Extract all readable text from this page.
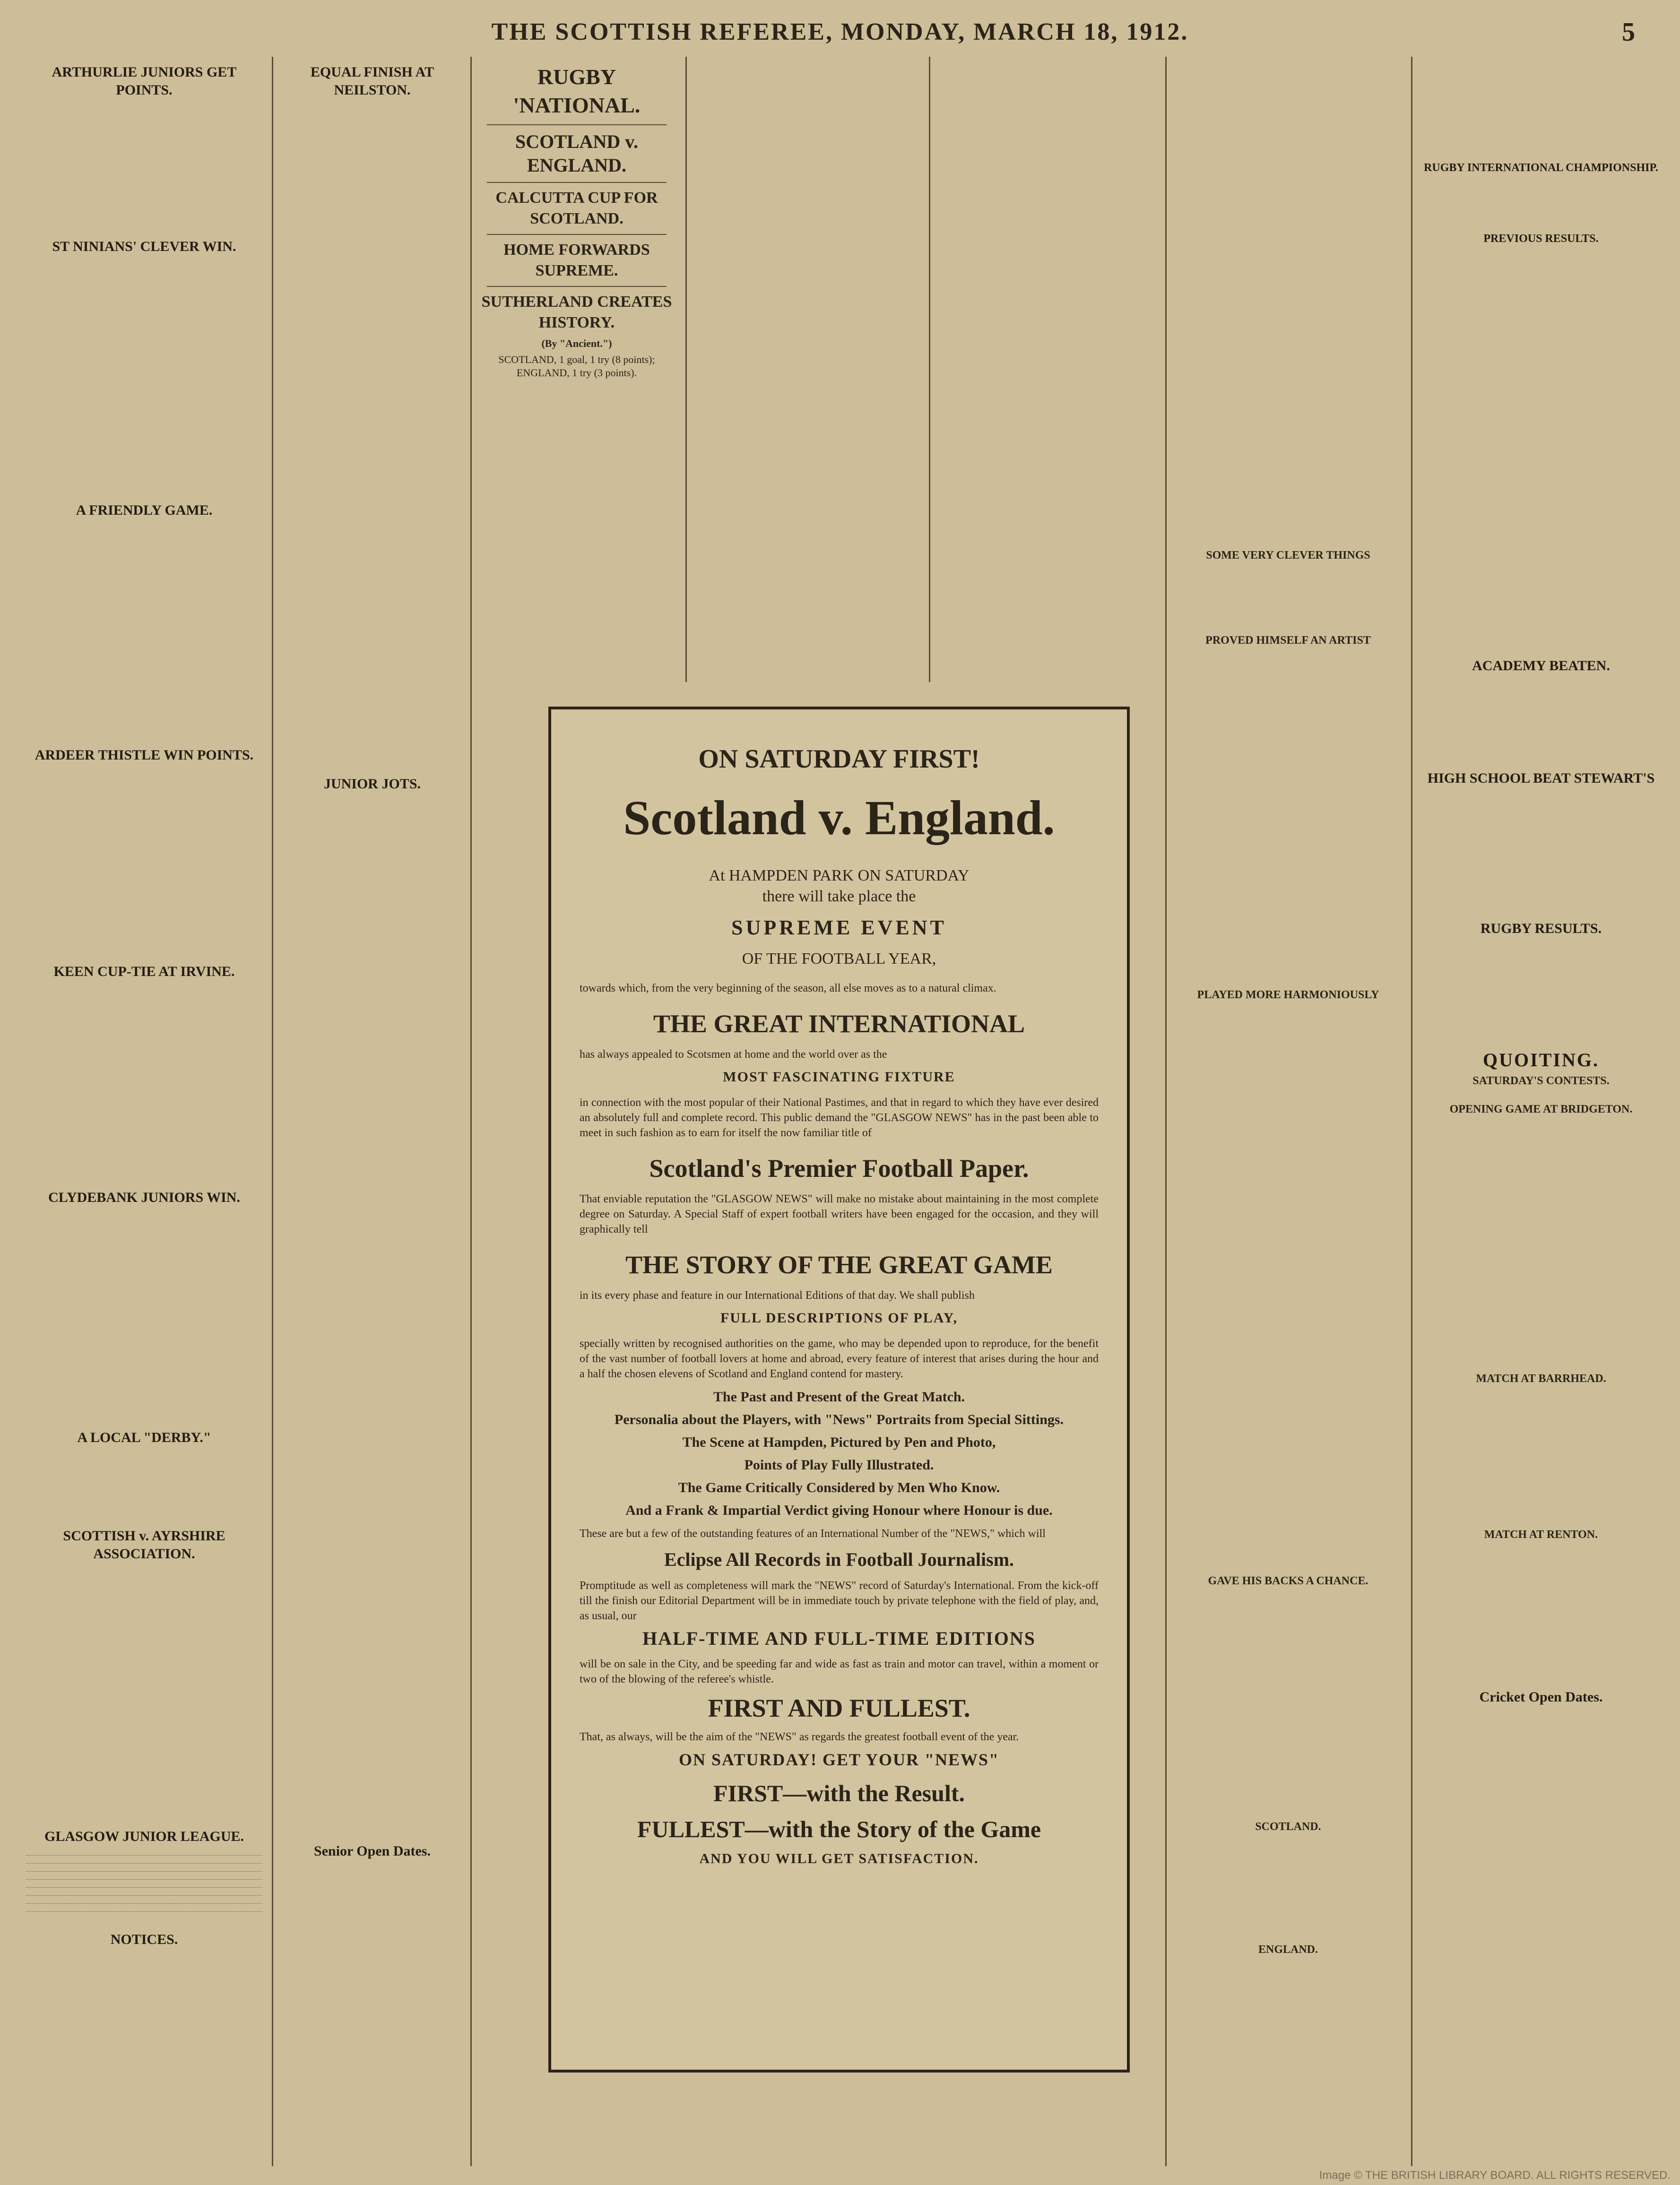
THE SCOTTISH REFEREE, MONDAY, MARCH 18, 1912.	5
ARTHURLIE JUNIORS GET POINTS.
ST NINIANS' CLEVER WIN.
A FRIENDLY GAME.
ARDEER THISTLE WIN POINTS.
KEEN CUP-TIE AT IRVINE.
CLYDEBANK JUNIORS WIN.
A LOCAL "DERBY."
SCOTTISH v. AYRSHIRE ASSOCIATION.
GLASGOW JUNIOR LEAGUE.
NOTICES.
EQUAL FINISH AT NEILSTON.
JUNIOR JOTS.
Senior Open Dates.
RUGBY 'NATIONAL.
SCOTLAND v. ENGLAND.
CALCUTTA CUP FOR SCOTLAND.
HOME FORWARDS SUPREME.
SUTHERLAND CREATES HISTORY.
(By "Ancient.")
SCOTLAND, 1 goal, 1 try (8 points); ENGLAND, 1 try (3 points).
SOME VERY CLEVER THINGS
PROVED HIMSELF AN ARTIST
PLAYED MORE HARMONIOUSLY
GAVE HIS BACKS A CHANCE.
SCOTLAND.
ENGLAND.
RUGBY INTERNATIONAL CHAMPIONSHIP.
PREVIOUS RESULTS.
ACADEMY BEATEN.
HIGH SCHOOL BEAT STEWART'S
RUGBY RESULTS.
QUOITING.
SATURDAY'S CONTESTS.
OPENING GAME AT BRIDGETON.
MATCH AT BARRHEAD.
MATCH AT RENTON.
Cricket Open Dates.
ON SATURDAY FIRST!
Scotland v. England.
At HAMPDEN PARK ON SATURDAY
there will take place the
SUPREME EVENT
OF THE FOOTBALL YEAR,
towards which, from the very beginning of the season, all else moves as to a natural climax.
THE GREAT INTERNATIONAL
has always appealed to Scotsmen at home and the world over as the
MOST FASCINATING FIXTURE
in connection with the most popular of their National Pastimes, and that in regard to which they have ever desired an absolutely full and complete record. This public demand the "GLASGOW NEWS" has in the past been able to meet in such fashion as to earn for itself the now familiar title of
Scotland's Premier Football Paper.
That enviable reputation the "GLASGOW NEWS" will make no mistake about maintaining in the most complete degree on Saturday. A Special Staff of expert football writers have been engaged for the occasion, and they will graphically tell
THE STORY OF THE GREAT GAME
in its every phase and feature in our International Editions of that day. We shall publish
FULL DESCRIPTIONS OF PLAY,
specially written by recognised authorities on the game, who may be depended upon to reproduce, for the benefit of the vast number of football lovers at home and abroad, every feature of interest that arises during the hour and a half the chosen elevens of Scotland and England contend for mastery.
The Past and Present of the Great Match.
Personalia about the Players, with "News" Portraits from Special Sittings.
The Scene at Hampden, Pictured by Pen and Photo,
Points of Play Fully Illustrated.
The Game Critically Considered by Men Who Know.
And a Frank & Impartial Verdict giving Honour where Honour is due.
These are but a few of the outstanding features of an International Number of the "NEWS," which will
Eclipse All Records in Football Journalism.
Promptitude as well as completeness will mark the "NEWS" record of Saturday's International. From the kick-off till the finish our Editorial Department will be in immediate touch by private telephone with the field of play, and, as usual, our
HALF-TIME AND FULL-TIME EDITIONS
will be on sale in the City, and be speeding far and wide as fast as train and motor can travel, within a moment or two of the blowing of the referee's whistle.
FIRST AND FULLEST.
That, as always, will be the aim of the "NEWS" as regards the greatest football event of the year.
ON SATURDAY! GET YOUR "NEWS"
FIRST—with the Result.
FULLEST—with the Story of the Game
AND YOU WILL GET SATISFACTION.
Image © THE BRITISH LIBRARY BOARD. ALL RIGHTS RESERVED.
